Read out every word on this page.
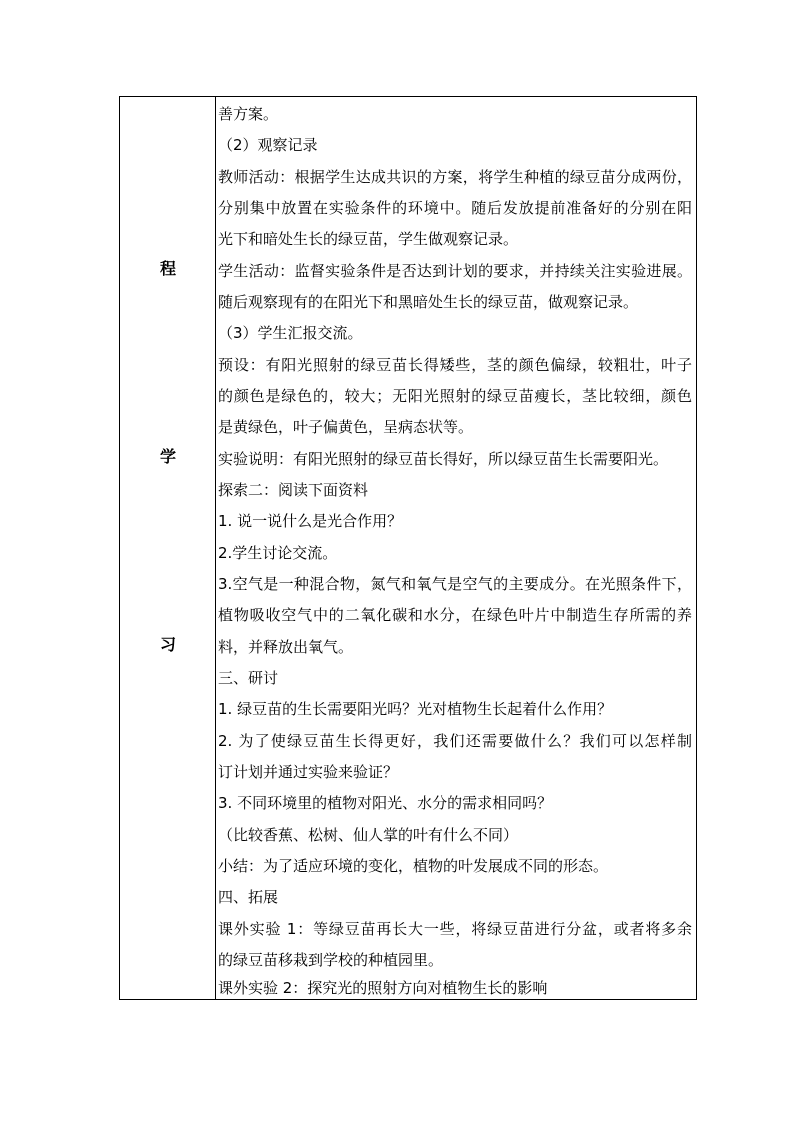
程
学
习
善方案。
（2）观察记录
教师活动：根据学生达成共识的方案，将学生种植的绿豆苗分成两份，
分别集中放置在实验条件的环境中。随后发放提前准备好的分别在阳
光下和暗处生长的绿豆苗，学生做观察记录。
学生活动：监督实验条件是否达到计划的要求，并持续关注实验进展。
随后观察现有的在阳光下和黑暗处生长的绿豆苗，做观察记录。
（3）学生汇报交流。
预设：有阳光照射的绿豆苗长得矮些，茎的颜色偏绿，较粗壮，叶子
的颜色是绿色的，较大；无阳光照射的绿豆苗瘦长，茎比较细，颜色
是黄绿色，叶子偏黄色，呈病态状等。
实验说明：有阳光照射的绿豆苗长得好，所以绿豆苗生长需要阳光。
探索二：阅读下面资料
1. 说一说什么是光合作用？
2.学生讨论交流。
3.空气是一种混合物，氮气和氧气是空气的主要成分。在光照条件下，
植物吸收空气中的二氧化碳和水分，在绿色叶片中制造生存所需的养
料，并释放出氧气。
三、研讨
1. 绿豆苗的生长需要阳光吗？光对植物生长起着什么作用？
2. 为了使绿豆苗生长得更好，我们还需要做什么？我们可以怎样制
订计划并通过实验来验证？
3. 不同环境里的植物对阳光、水分的需求相同吗？
（比较香蕉、松树、仙人掌的叶有什么不同）
小结：为了适应环境的变化，植物的叶发展成不同的形态。
四、拓展
课外实验 1：等绿豆苗再长大一些，将绿豆苗进行分盆，或者将多余
的绿豆苗移栽到学校的种植园里。
课外实验 2：探究光的照射方向对植物生长的影响
